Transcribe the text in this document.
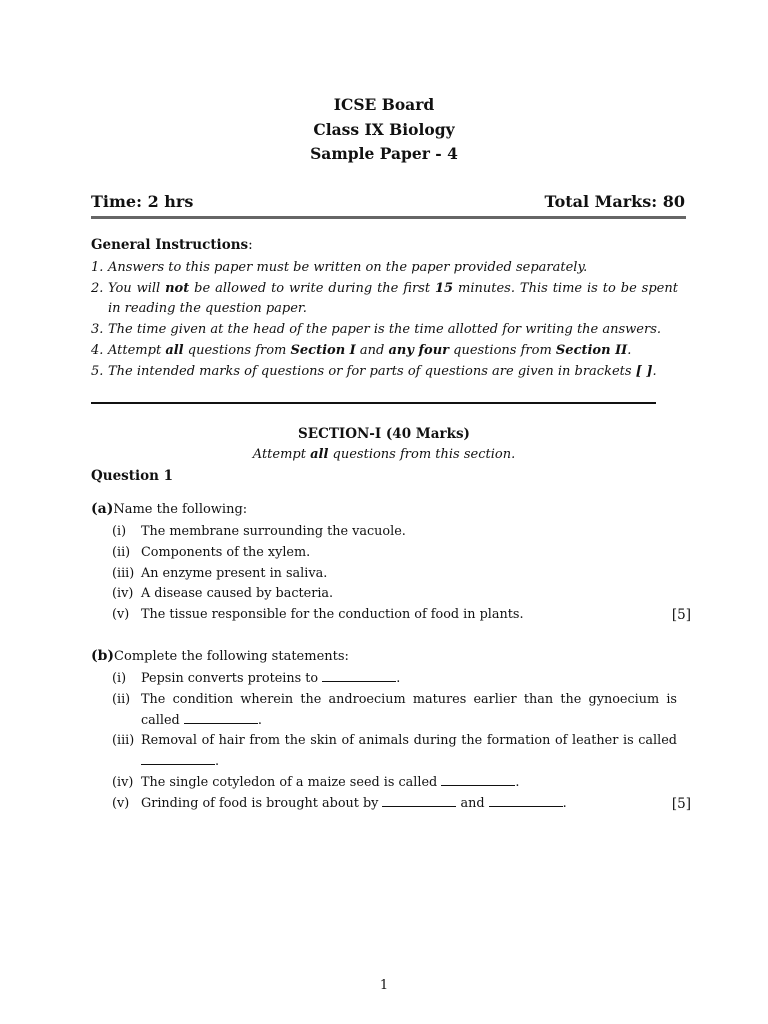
ICSE Board
Class IX Biology
Sample Paper - 4
Time: 2 hrs	Total Marks: 80
General Instructions:
1. Answers to this paper must be written on the paper provided separately.
2. You will not be allowed to write during the first 15 minutes. This time is to be spent in reading the question paper.
3. The time given at the head of the paper is the time allotted for writing the answers.
4. Attempt all questions from Section I and any four questions from Section II.
5. The intended marks of questions or for parts of questions are given in brackets [ ].
SECTION-I (40 Marks)
Attempt all questions from this section.
Question 1
(a)Name the following:
(i) The membrane surrounding the vacuole.
(ii) Components of the xylem.
(iii) An enzyme present in saliva.
(iv) A disease caused by bacteria.
(v) The tissue responsible for the conduction of food in plants.	[5]
(b)Complete the following statements:
(i) Pepsin converts proteins to	.
(ii) The condition wherein the androecium matures earlier than the gynoecium is called	.
(iii) Removal of hair from the skin of animals during the formation of leather is called .
(iv) The single cotyledon of a maize seed is called	.
(v) Grinding of food is brought about by	and	.	[5]
1
